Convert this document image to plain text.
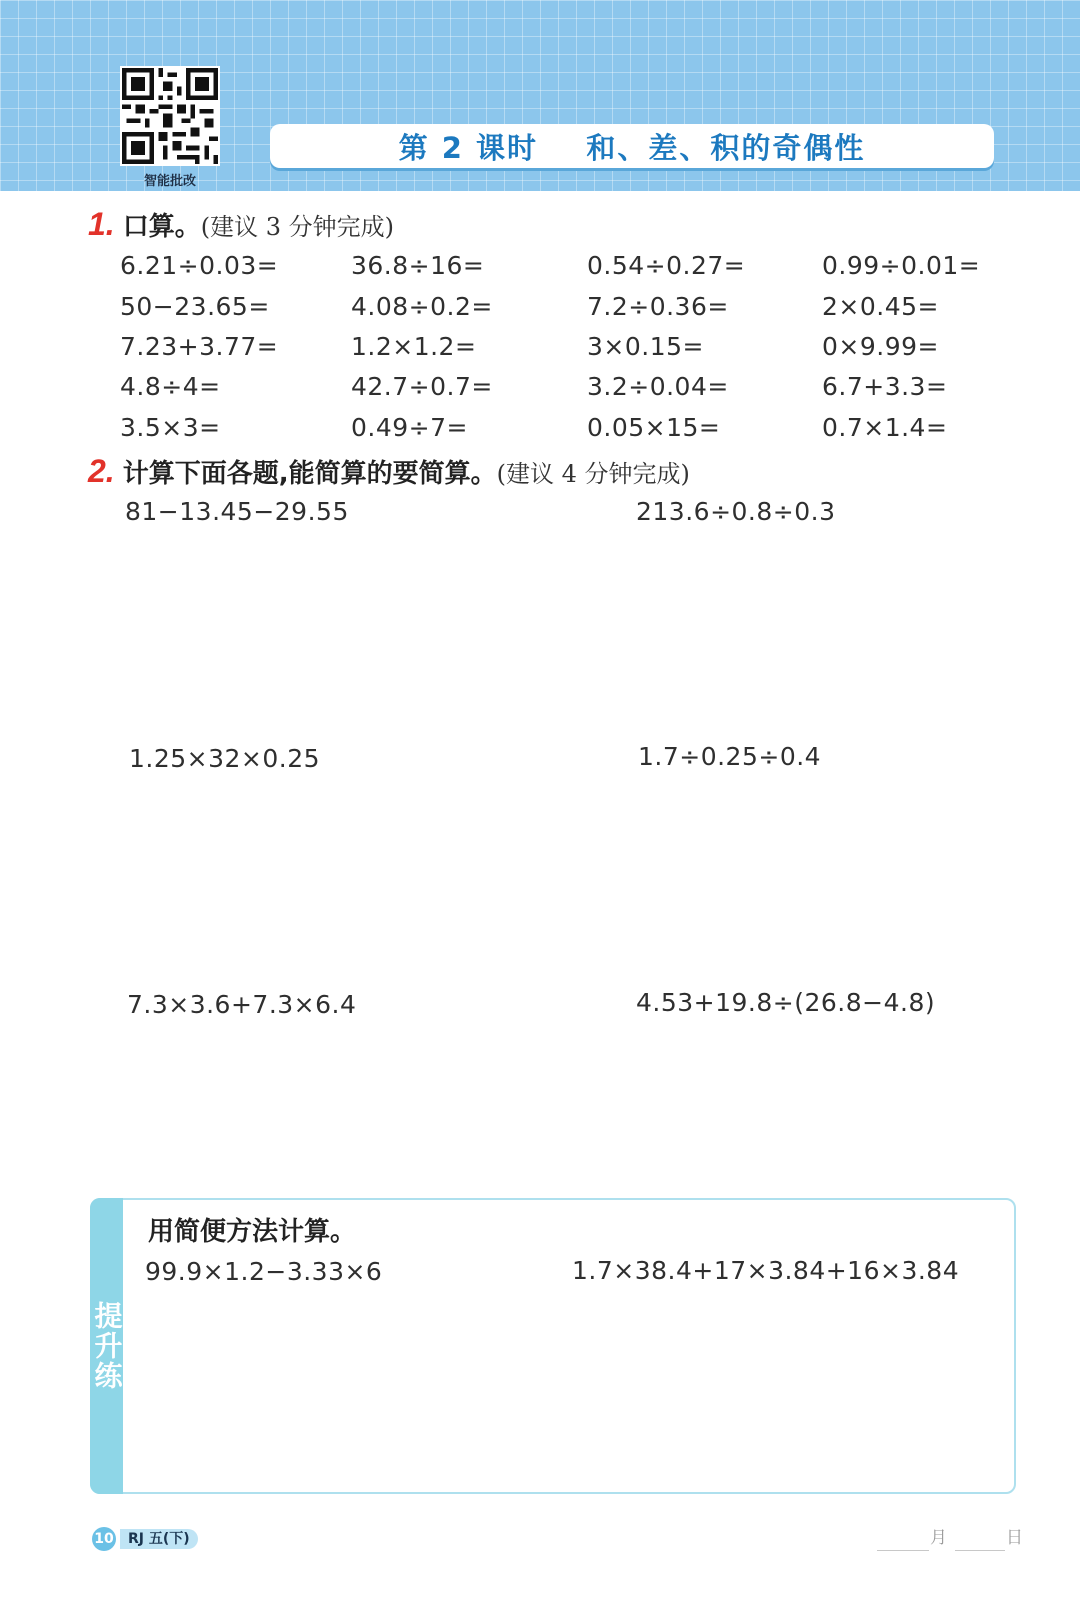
智能批改
第 2 课时    和、差、积的奇偶性
1. 口算。 (建议 3 分钟完成)
6.21÷0.03=	36.8÷16=	0.54÷0.27=	0.99÷0.01=
50−23.65=	4.08÷0.2=	7.2÷0.36=	2×0.45=
7.23+3.77=	1.2×1.2=	3×0.15=	0×9.99=
4.8÷4=	42.7÷0.7=	3.2÷0.04=	6.7+3.3=
3.5×3=	0.49÷7=	0.05×15=	0.7×1.4=
2. 计算下面各题,能简算的要简算。 (建议 4 分钟完成)
81−13.45−29.55	213.6÷0.8÷0.3
1.25×32×0.25	1.7÷0.25÷0.4
7.3×3.6+7.3×6.4	4.53+19.8÷(26.8−4.8)
提升练
用简便方法计算。
99.9×1.2−3.33×6	1.7×38.4+17×3.84+16×3.84
10	RJ 五(下)	月	日
